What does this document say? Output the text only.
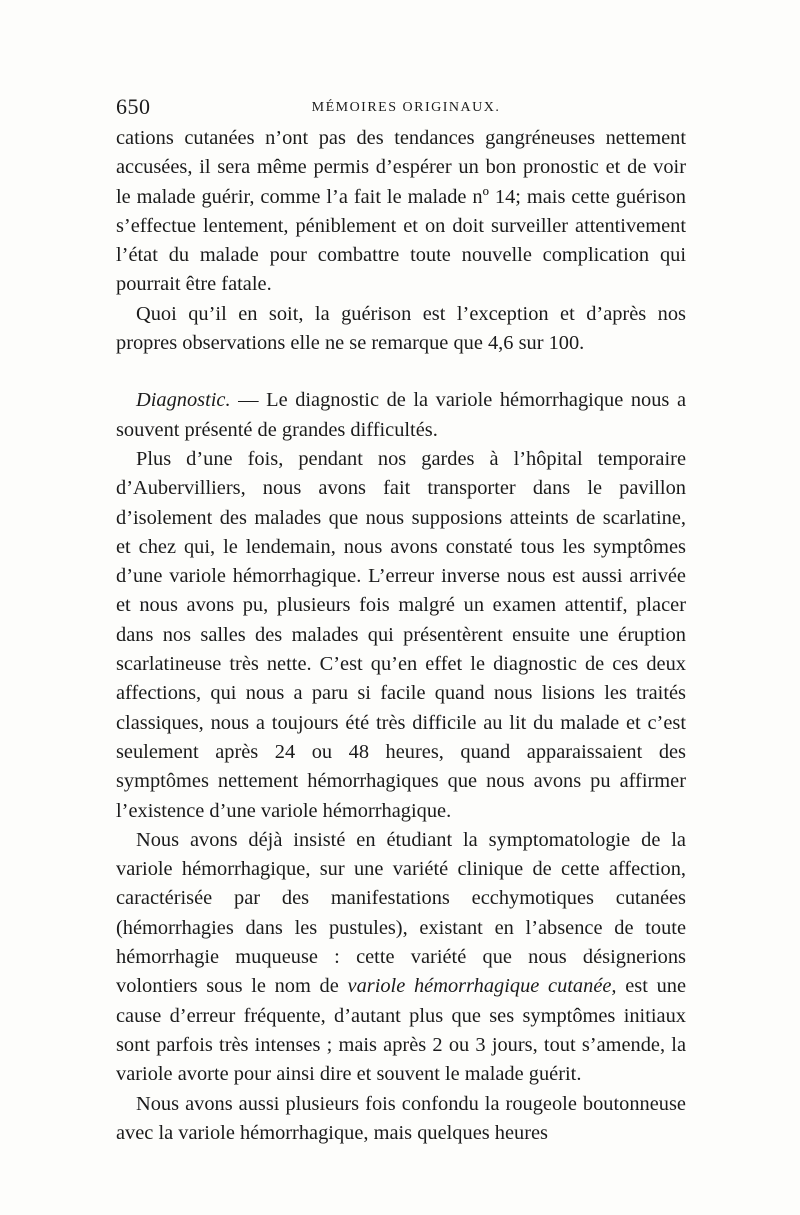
650	MÉMOIRES ORIGINAUX.

cations cutanées n’ont pas des tendances gangréneuses nettement accusées, il sera même permis d’espérer un bon pronostic et de voir le malade guérir, comme l’a fait le malade nº 14; mais cette guérison s’effectue lentement, péniblement et on doit surveiller attentivement l’état du malade pour combattre toute nouvelle complication qui pourrait être fatale.

Quoi qu’il en soit, la guérison est l’exception et d’après nos propres observations elle ne se remarque que 4,6 sur 100.

Diagnostic. — Le diagnostic de la variole hémorrhagique nous a souvent présenté de grandes difficultés.

Plus d’une fois, pendant nos gardes à l’hôpital temporaire d’Aubervilliers, nous avons fait transporter dans le pavillon d’isolement des malades que nous supposions atteints de scarlatine, et chez qui, le lendemain, nous avons constaté tous les symptômes d’une variole hémorrhagique. L’erreur inverse nous est aussi arrivée et nous avons pu, plusieurs fois malgré un examen attentif, placer dans nos salles des malades qui présentèrent ensuite une éruption scarlatineuse très nette. C’est qu’en effet le diagnostic de ces deux affections, qui nous a paru si facile quand nous lisions les traités classiques, nous a toujours été très difficile au lit du malade et c’est seulement après 24 ou 48 heures, quand apparaissaient des symptômes nettement hémorrhagiques que nous avons pu affirmer l’existence d’une variole hémorrhagique.

Nous avons déjà insisté en étudiant la symptomatologie de la variole hémorrhagique, sur une variété clinique de cette affection, caractérisée par des manifestations ecchymotiques cutanées (hémorrhagies dans les pustules), existant en l’absence de toute hémorrhagie muqueuse : cette variété que nous désignerions volontiers sous le nom de variole hémorrhagique cutanée, est une cause d’erreur fréquente, d’autant plus que ses symptômes initiaux sont parfois très intenses ; mais après 2 ou 3 jours, tout s’amende, la variole avorte pour ainsi dire et souvent le malade guérit.

Nous avons aussi plusieurs fois confondu la rougeole boutonneuse avec la variole hémorrhagique, mais quelques heures
